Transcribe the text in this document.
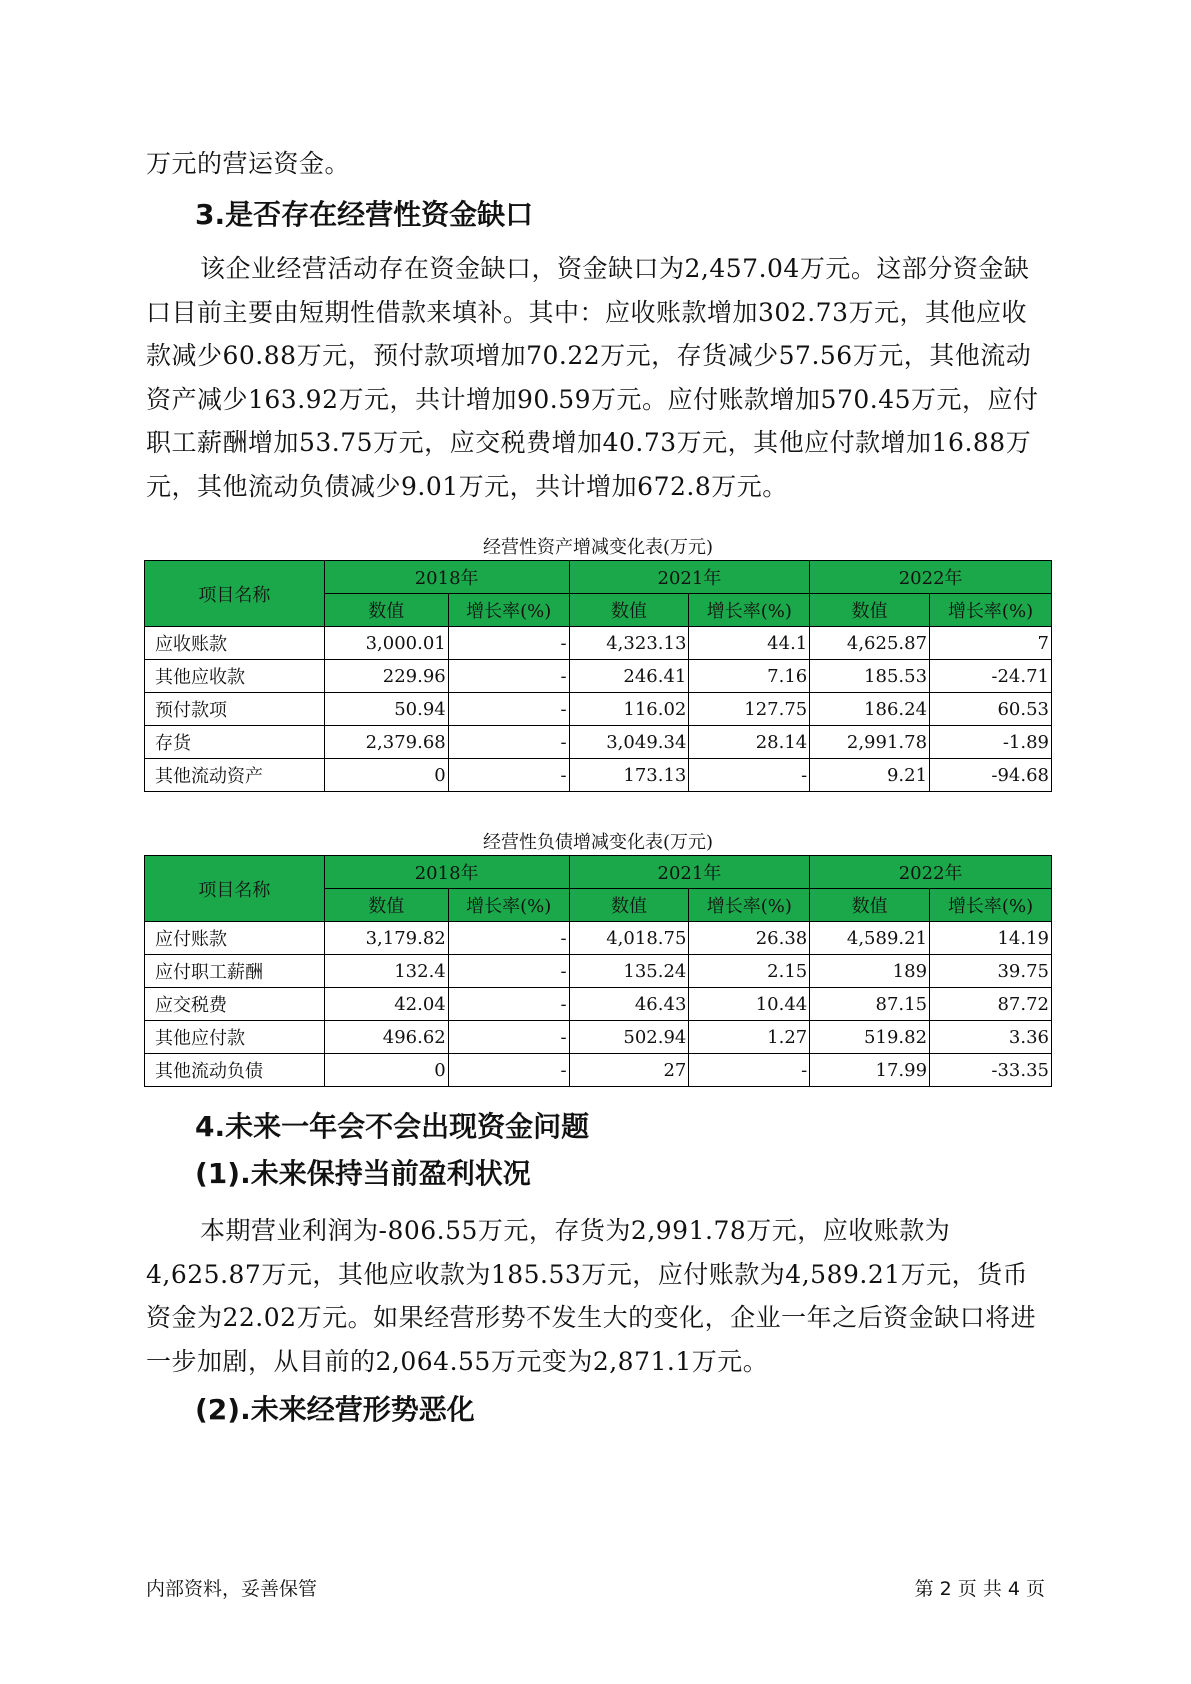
万元的营运资金。
3.是否存在经营性资金缺口
该企业经营活动存在资金缺口，资金缺口为2,457.04万元。这部分资金缺口目前主要由短期性借款来填补。其中：应收账款增加302.73万元，其他应收款减少60.88万元，预付款项增加70.22万元，存货减少57.56万元，其他流动资产减少163.92万元，共计增加90.59万元。应付账款增加570.45万元，应付职工薪酬增加53.75万元，应交税费增加40.73万元，其他应付款增加16.88万元，其他流动负债减少9.01万元，共计增加672.8万元。
经营性资产增减变化表(万元)
项目名称	2018年		2021年		2022年	
	数值	增长率(%)	数值	增长率(%)	数值	增长率(%)
应收账款	3,000.01	-	4,323.13	44.1	4,625.87	7
其他应收款	229.96	-	246.41	7.16	185.53	-24.71
预付款项	50.94	-	116.02	127.75	186.24	60.53
存货	2,379.68	-	3,049.34	28.14	2,991.78	-1.89
其他流动资产	0	-	173.13	-	9.21	-94.68
经营性负债增减变化表(万元)
项目名称	2018年		2021年		2022年	
	数值	增长率(%)	数值	增长率(%)	数值	增长率(%)
应付账款	3,179.82	-	4,018.75	26.38	4,589.21	14.19
应付职工薪酬	132.4	-	135.24	2.15	189	39.75
应交税费	42.04	-	46.43	10.44	87.15	87.72
其他应付款	496.62	-	502.94	1.27	519.82	3.36
其他流动负债	0	-	27	-	17.99	-33.35
4.未来一年会不会出现资金问题
(1).未来保持当前盈利状况
本期营业利润为-806.55万元，存货为2,991.78万元，应收账款为4,625.87万元，其他应收款为185.53万元，应付账款为4,589.21万元，货币资金为22.02万元。如果经营形势不发生大的变化，企业一年之后资金缺口将进一步加剧，从目前的2,064.55万元变为2,871.1万元。
(2).未来经营形势恶化
内部资料，妥善保管	第 2 页 共 4 页
